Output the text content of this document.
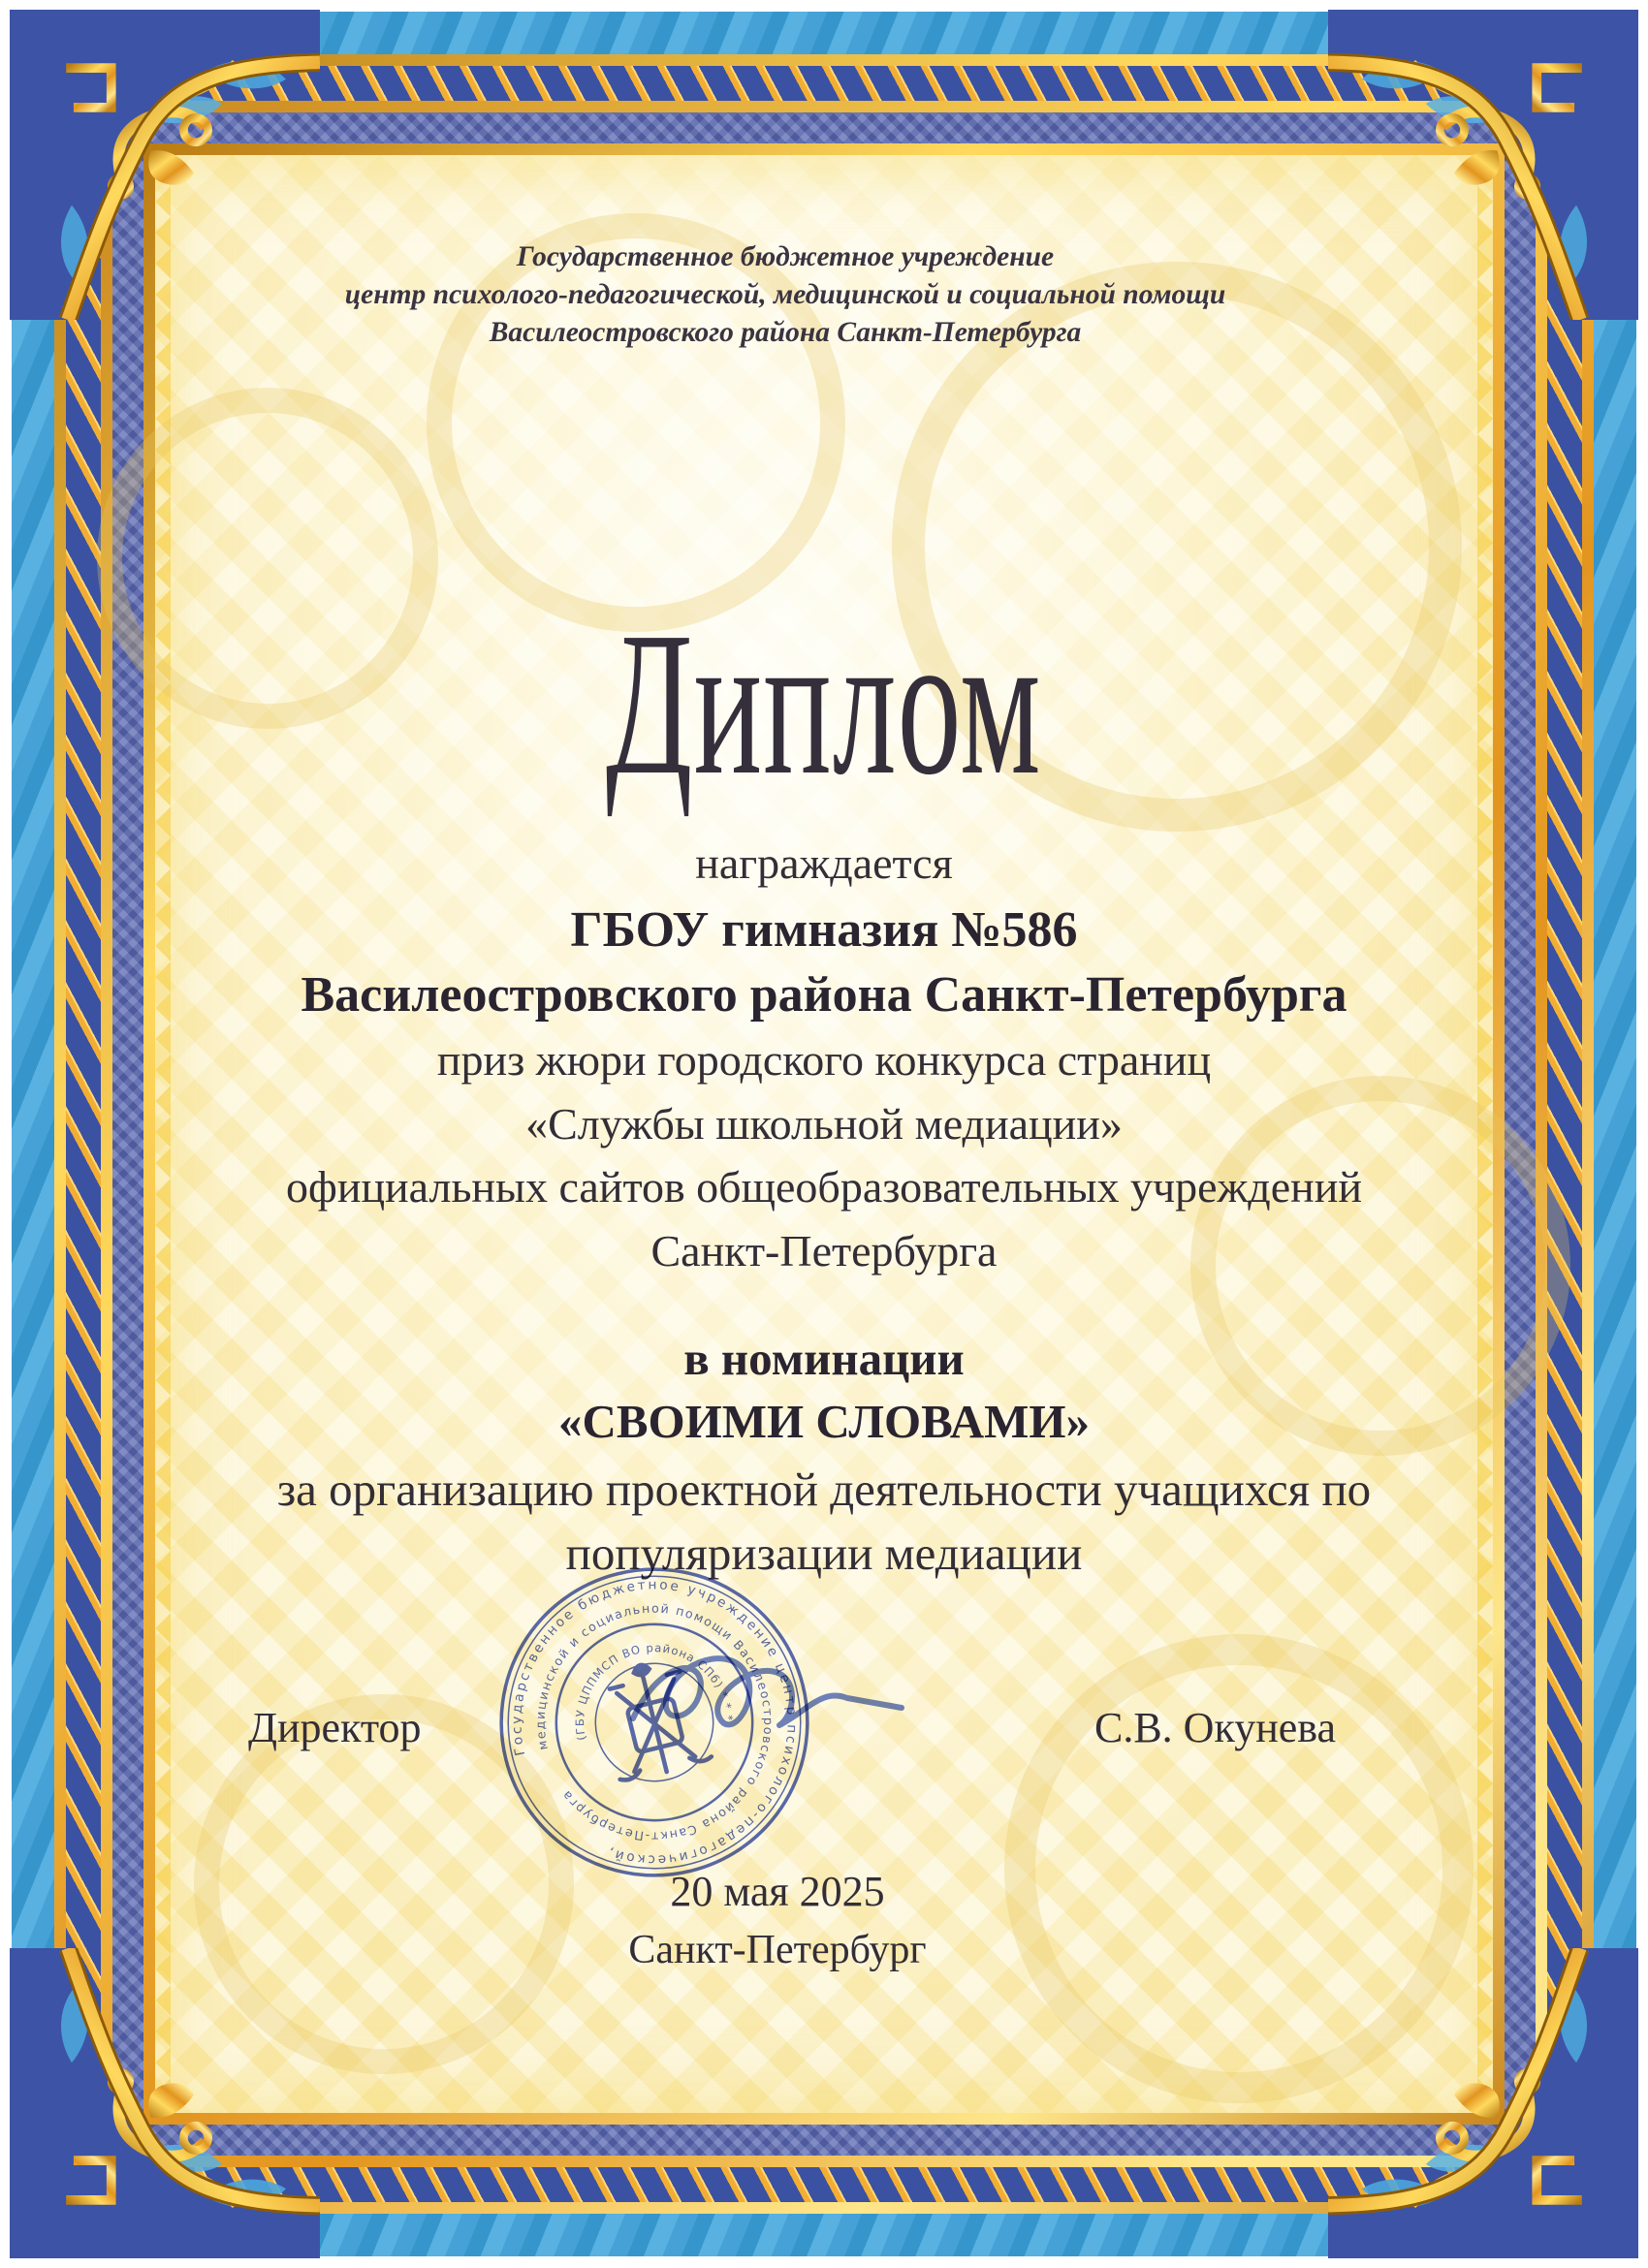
Государственное бюджетное учреждение
центр психолого-педагогической, медицинской и социальной помощи
Василеостровского района Санкт-Петербурга
Диплом
награждается
ГБОУ гимназия №586
Василеостровского района Санкт-Петербурга
приз жюри городского конкурса страниц
«Службы школьной медиации»
официальных сайтов общеобразовательных учреждений
Санкт-Петербурга
в номинации
«СВОИМИ СЛОВАМИ»
за организацию проектной деятельности учащихся по
популяризации медиации
Государственное бюджетное учреждение центр психолого-педагогической,
медицинской и социальной помощи Василеостровского района Санкт-Петербурга
(ГБУ ЦППМСП ВО района СПб) * * *
Директор	С.В. Окунева
20 мая 2025
Санкт-Петербург
